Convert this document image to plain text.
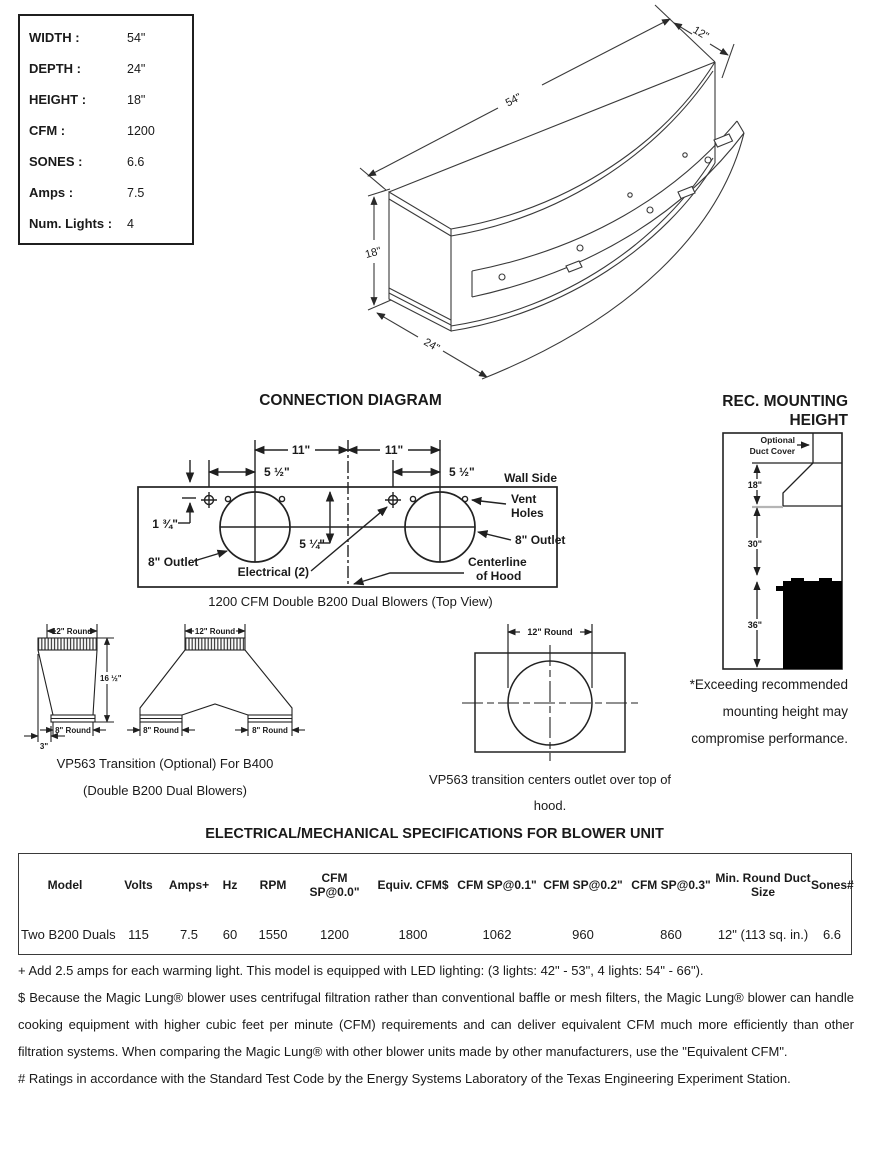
WIDTH :	54"
DEPTH :	24"
HEIGHT :	18"
CFM :	1200
SONES :	6.6
Amps :	7.5
Num. Lights :	4
54"
12"
18"
24"
CONNECTION DIAGRAM	REC. MOUNTING
HEIGHT
Wall Side
11"	11"
5 ½"	5 ½"
1 ¾"
5 ¼"
Vent
Holes
8" Outlet
8" Outlet
Electrical (2)
Centerline
of Hood
1200 CFM Double B200 Dual Blowers (Top View)
18"
30"
36"
Optional
Duct Cover
*Exceeding recommended
mounting height may
compromise performance.
12" Round	12" Round
16 ½"
8" Round
3"
8" Round	8" Round
VP563 Transition (Optional) For B400
(Double B200 Dual Blowers)
12" Round
VP563 transition centers outlet over top of
hood.
ELECTRICAL/MECHANICAL SPECIFICATIONS FOR BLOWER UNIT
Model	Volts	Amps+	Hz	RPM	CFM SP@0.0"	Equiv. CFM$	CFM SP@0.1"	CFM SP@0.2"	CFM SP@0.3"	Min. Round Duct Size	Sones#
Two B200 Duals	115	7.5	60	1550	1200	1800	1062	960	860	12" (113 sq. in.)	6.6

+ Add 2.5 amps for each warming light. This model is equipped with LED lighting: (3 lights: 42" - 53", 4 lights: 54" - 66").

$ Because the Magic Lung® blower uses centrifugal filtration rather than conventional baffle or mesh filters, the Magic Lung® blower can handle cooking equipment with higher cubic feet per minute (CFM) requirements and can deliver equivalent CFM much more efficiently than other filtration systems. When comparing the Magic Lung® with other blower units made by other manufacturers, use the "Equivalent CFM".

# Ratings in accordance with the Standard Test Code by the Energy Systems Laboratory of the Texas Engineering Experiment Station.
